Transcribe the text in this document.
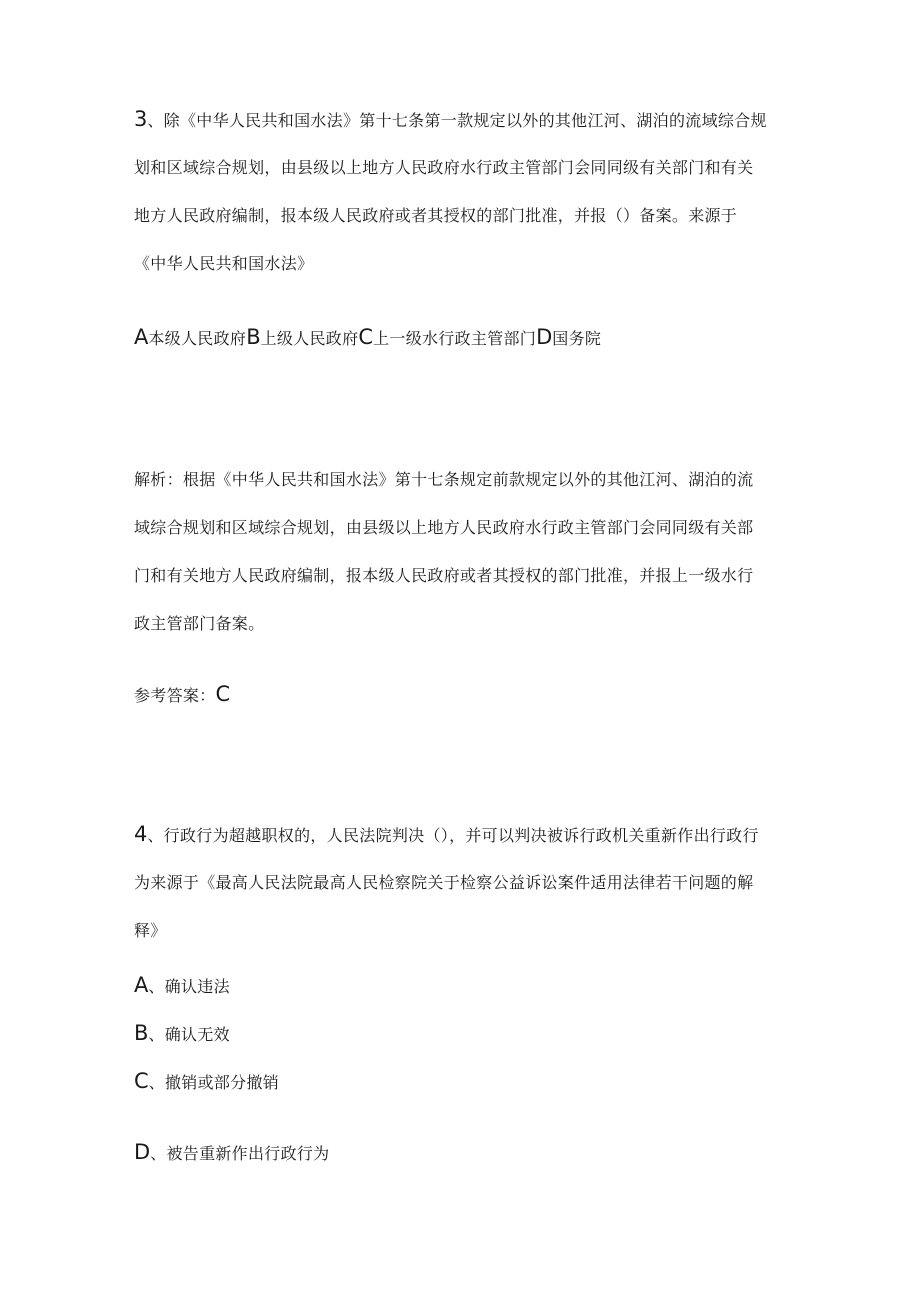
3、除《中华人民共和国水法》第十七条第一款规定以外的其他江河、湖泊的流域综合规
划和区域综合规划，由县级以上地方人民政府水行政主管部门会同同级有关部门和有关
地方人民政府编制，报本级人民政府或者其授权的部门批准，并报（）备案。来源于
《中华人民共和国水法》
A本级人民政府B上级人民政府C上一级水行政主管部门D国务院
解析：根据《中华人民共和国水法》第十七条规定前款规定以外的其他江河、湖泊的流
域综合规划和区域综合规划，由县级以上地方人民政府水行政主管部门会同同级有关部
门和有关地方人民政府编制，报本级人民政府或者其授权的部门批准，并报上一级水行
政主管部门备案。
参考答案：C
4、行政行为超越职权的，人民法院判决（），并可以判决被诉行政机关重新作出行政行
为来源于《最高人民法院最高人民检察院关于检察公益诉讼案件适用法律若干问题的解
释》
A、确认违法
B、确认无效
C、撤销或部分撤销
D、被告重新作出行政行为
